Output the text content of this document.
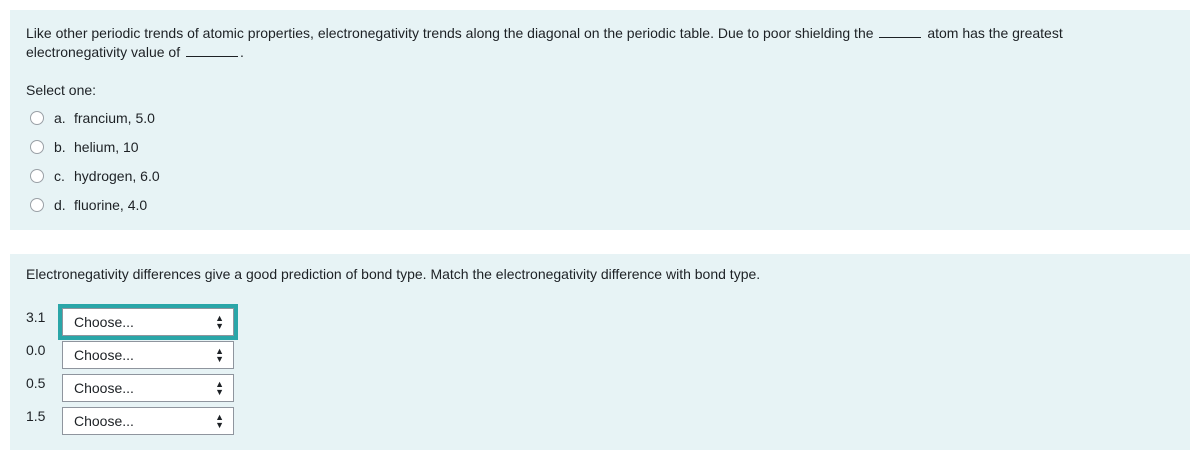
Like other periodic trends of atomic properties, electronegativity trends along the diagonal on the periodic table. Due to poor shielding the	atom has the greatest electronegativity value of	.
Select one:
a. francium, 5.0
b. helium, 10
c. hydrogen, 6.0
d. fluorine, 4.0
Electronegativity differences give a good prediction of bond type. Match the electronegativity difference with bond type.
3.1 Choose...	▲
▼
0.0 Choose...	▲
▼
0.5 Choose...	▲
▼
1.5 Choose...	▲
▼
